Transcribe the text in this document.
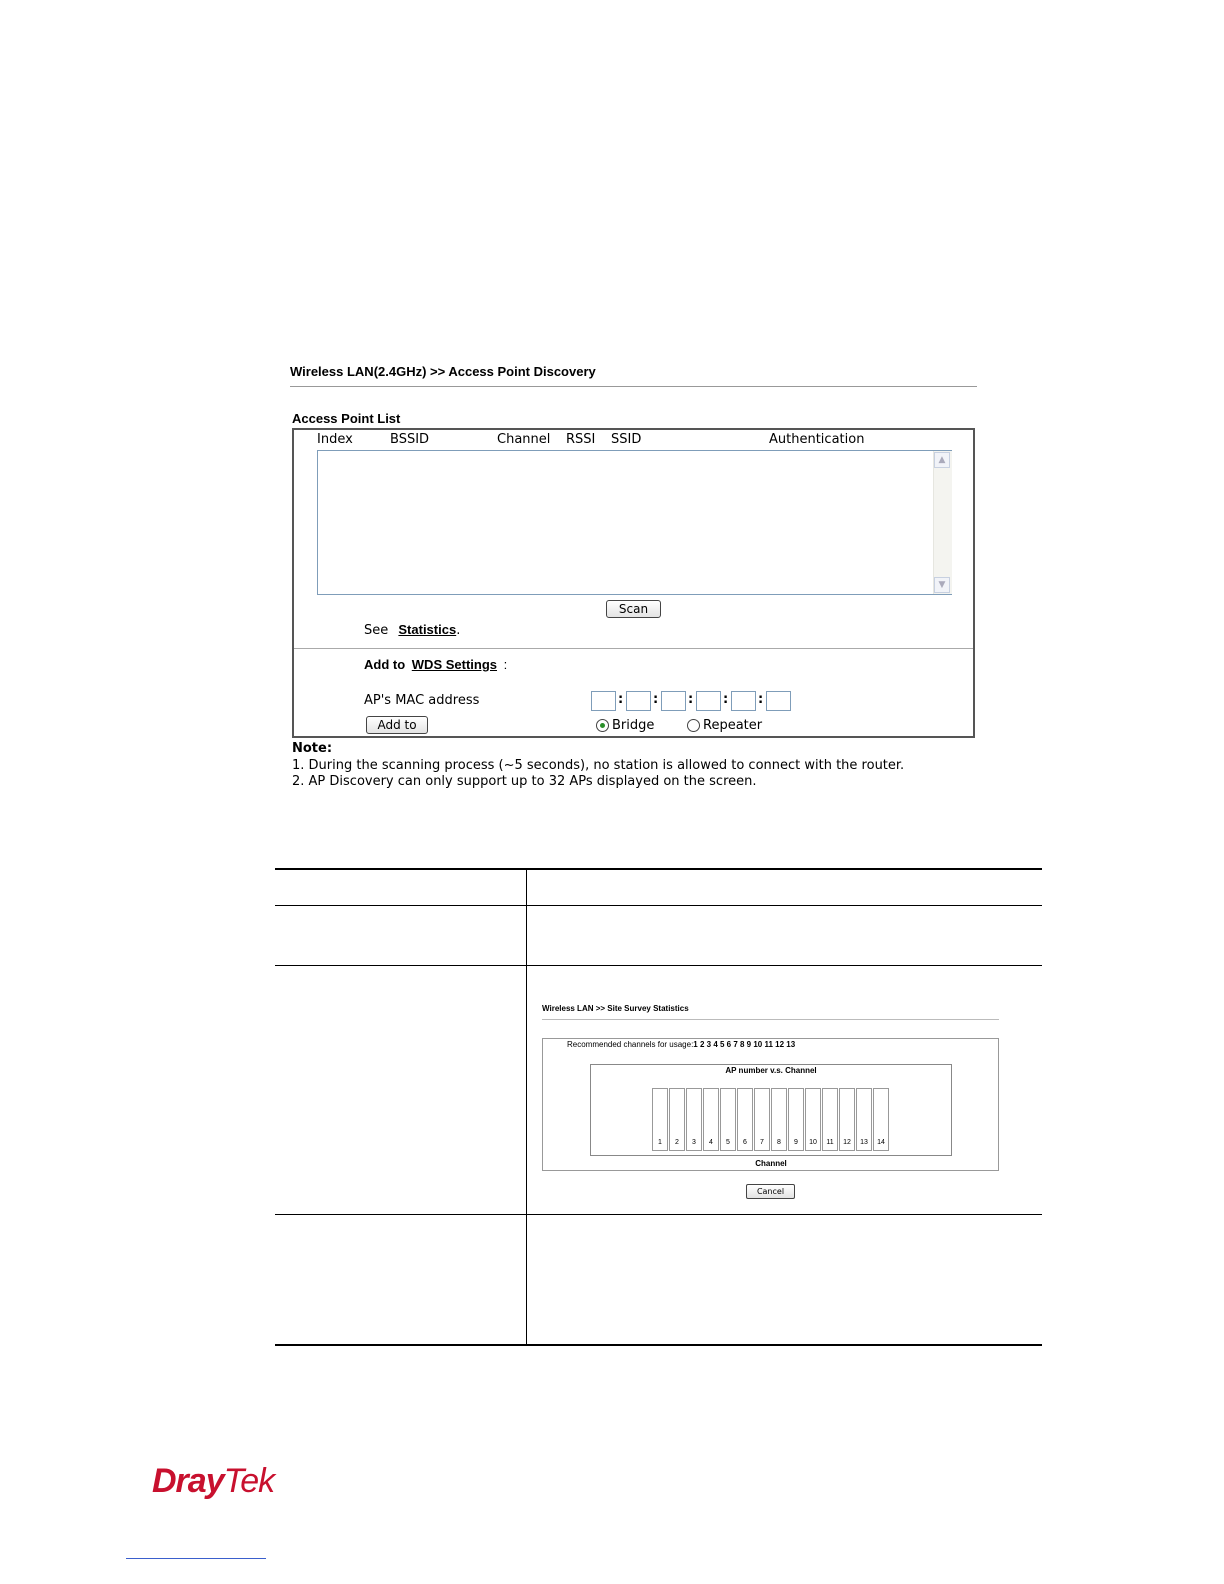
Wireless LAN(2.4GHz) >> Access Point Discovery
Access Point List
Index	BSSID	Channel RSSI SSID	Authentication
▲
▼
Scan
See Statistics.
Add to WDS Settings :
AP's MAC address	: : : : :
Add to	Bridge	Repeater
Note:
1. During the scanning process (~5 seconds), no station is allowed to connect with the router.
2. AP Discovery can only support up to 32 APs displayed on the screen.
Wireless LAN >> Site Survey Statistics
Recommended channels for usage:1 2 3 4 5 6 7 8 9 10 11 12 13
AP number v.s. Channel
1	2	3	4	5	6	7	8	9	10	11	12	13	14
Channel
Cancel
DrayTek
